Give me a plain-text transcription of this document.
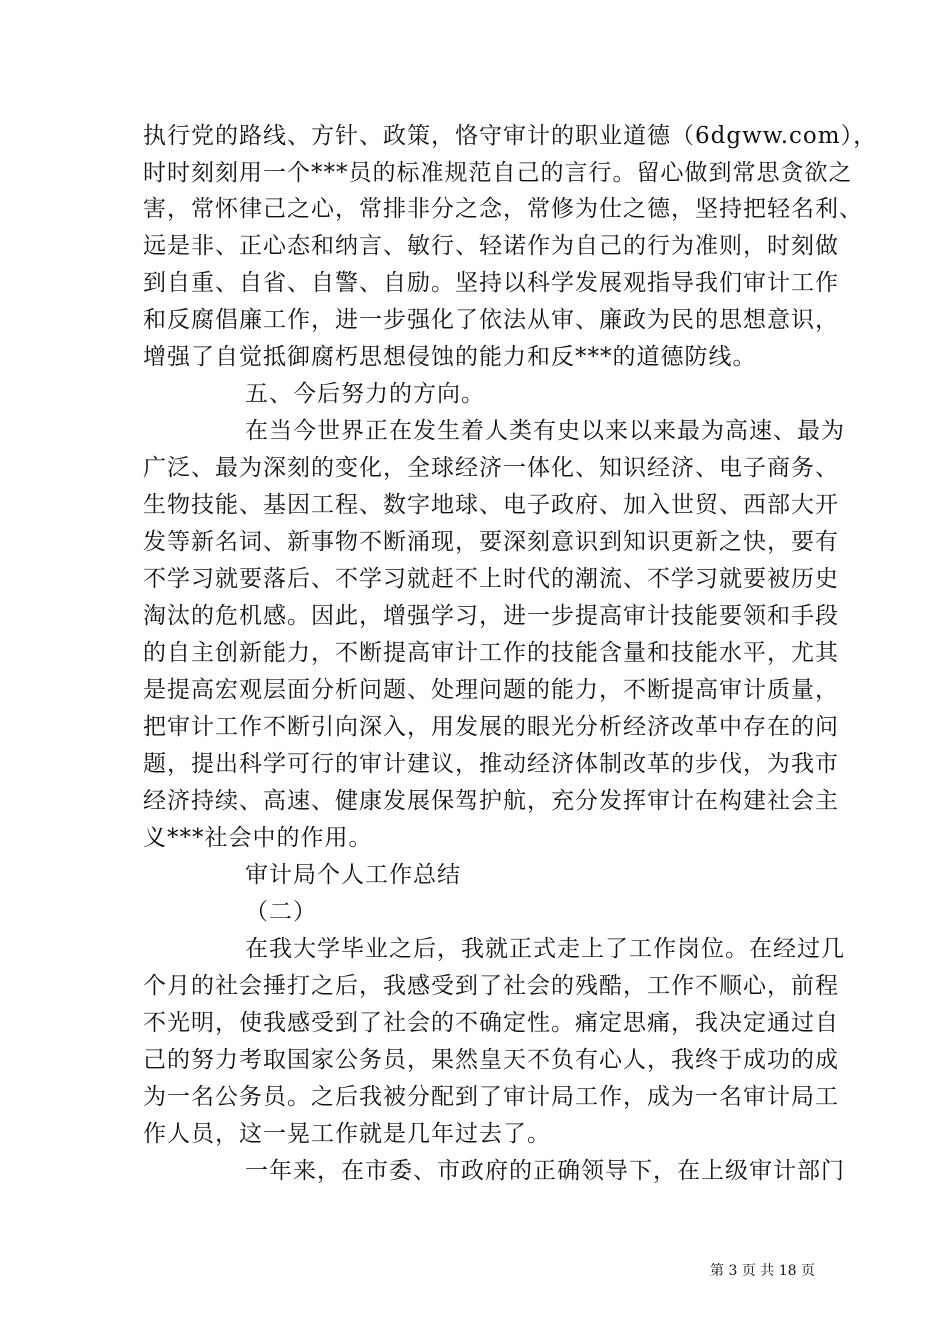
执行党的路线、方针、政策，恪守审计的职业道德（6dgww.com），
时时刻刻用一个***员的标准规范自己的言行。留心做到常思贪欲之
害，常怀律己之心，常排非分之念，常修为仕之德，坚持把轻名利、
远是非、正心态和纳言、敏行、轻诺作为自己的行为准则，时刻做
到自重、自省、自警、自励。坚持以科学发展观指导我们审计工作
和反腐倡廉工作，进一步强化了依法从审、廉政为民的思想意识，
增强了自觉抵御腐朽思想侵蚀的能力和反***的道德防线。
五、今后努力的方向。
在当今世界正在发生着人类有史以来以来最为高速、最为
广泛、最为深刻的变化，全球经济一体化、知识经济、电子商务、
生物技能、基因工程、数字地球、电子政府、加入世贸、西部大开
发等新名词、新事物不断涌现，要深刻意识到知识更新之快，要有
不学习就要落后、不学习就赶不上时代的潮流、不学习就要被历史
淘汰的危机感。因此，增强学习，进一步提高审计技能要领和手段
的自主创新能力，不断提高审计工作的技能含量和技能水平，尤其
是提高宏观层面分析问题、处理问题的能力，不断提高审计质量，
把审计工作不断引向深入，用发展的眼光分析经济改革中存在的问
题，提出科学可行的审计建议，推动经济体制改革的步伐，为我市
经济持续、高速、健康发展保驾护航，充分发挥审计在构建社会主
义***社会中的作用。
审计局个人工作总结
（二）
在我大学毕业之后，我就正式走上了工作岗位。在经过几
个月的社会捶打之后，我感受到了社会的残酷，工作不顺心，前程
不光明，使我感受到了社会的不确定性。痛定思痛，我决定通过自
己的努力考取国家公务员，果然皇天不负有心人，我终于成功的成
为一名公务员。之后我被分配到了审计局工作，成为一名审计局工
作人员，这一晃工作就是几年过去了。
一年来，在市委、市政府的正确领导下，在上级审计部门
第 3 页 共 18 页
